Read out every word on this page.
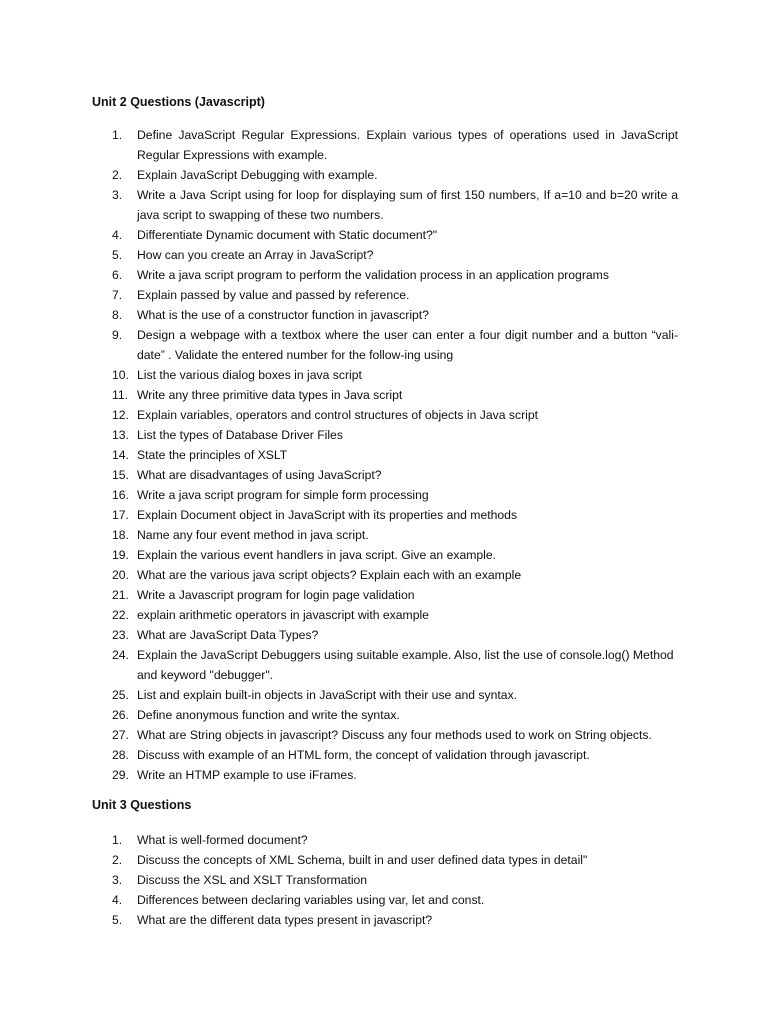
Unit 2 Questions (Javascript)
1.	Define JavaScript Regular Expressions. Explain various types of operations used in JavaScript Regular Expressions with example.
2.	Explain JavaScript Debugging with example.
3.	Write a Java Script using for loop for displaying sum of first 150 numbers, If a=10 and b=20 write a java script to swapping of these two numbers.
4.	Differentiate Dynamic document with Static document?"
5.	How can you create an Array in JavaScript?
6.	Write a java script program to perform the validation process in an application programs
7.	Explain passed by value and passed by reference.
8.	What is the use of a constructor function in javascript?
9.	Design a webpage with a textbox where the user can enter a four digit number and a button “vali-date” . Validate the entered number for the follow-ing using
10. List the various dialog boxes in java script
11. Write any three primitive data types in Java script
12. Explain variables, operators and control structures of objects in Java script
13. List the types of Database Driver Files
14. State the principles of XSLT
15. What are disadvantages of using JavaScript?
16. Write a java script program for simple form processing
17. Explain Document object in JavaScript with its properties and methods
18. Name any four event method in java script.
19. Explain the various event handlers in java script. Give an example.
20. What are the various java script objects? Explain each with an example
21. Write a Javascript program for login page validation
22. explain arithmetic operators in javascript with example
23. What are JavaScript Data Types?
24. Explain the JavaScript Debuggers using suitable example. Also, list the use of console.log() Method and keyword "debugger".
25. List and explain built-in objects in JavaScript with their use and syntax.
26. Define anonymous function and write the syntax.
27. What are String objects in javascript? Discuss any four methods used to work on String objects.
28. Discuss with example of an HTML form, the concept of validation through javascript.
29. Write an HTMP example to use iFrames.
Unit 3 Questions
1.	What is well-formed document?
2.	Discuss the concepts of XML Schema, built in and user defined data types in detail"
3.	Discuss the XSL and XSLT Transformation
4.	Differences between declaring variables using var, let and const.
5.	What are the different data types present in javascript?
